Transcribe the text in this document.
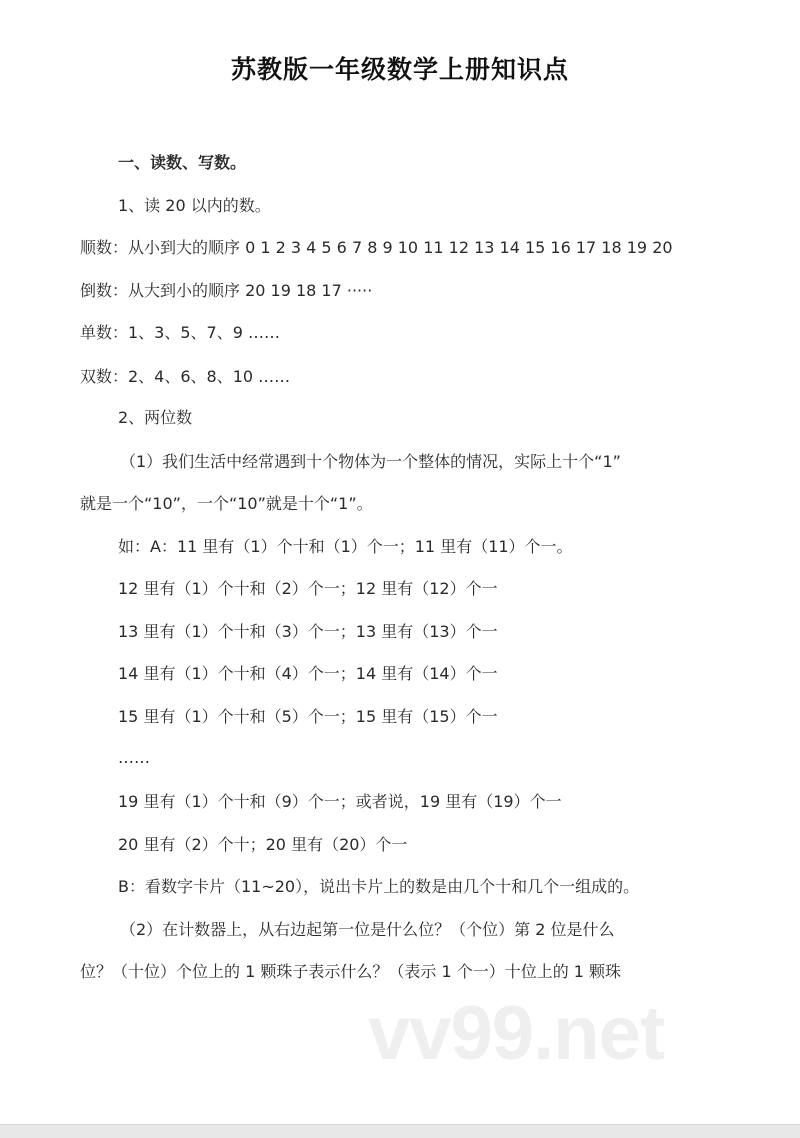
苏教版一年级数学上册知识点
一、读数、写数。
1、读 20 以内的数。
顺数：从小到大的顺序 0 1 2 3 4 5 6 7 8 9 10 11 12 13 14 15 16 17 18 19 20
倒数：从大到小的顺序 20 19 18 17 ·····
单数：1、3、5、7、9 ……
双数：2、4、6、8、10 ……
2、两位数
（1）我们生活中经常遇到十个物体为一个整体的情况，实际上十个“1”
就是一个“10”，一个“10”就是十个“1”。
如：A：11 里有（1）个十和（1）个一；11 里有（11）个一。
12 里有（1）个十和（2）个一；12 里有（12）个一
13 里有（1）个十和（3）个一；13 里有（13）个一
14 里有（1）个十和（4）个一；14 里有（14）个一
15 里有（1）个十和（5）个一；15 里有（15）个一
……
19 里有（1）个十和（9）个一；或者说，19 里有（19）个一
20 里有（2）个十；20 里有（20）个一
B：看数字卡片（11~20），说出卡片上的数是由几个十和几个一组成的。
（2）在计数器上，从右边起第一位是什么位？（个位）第 2 位是什么
位？（十位）个位上的 1 颗珠子表示什么？（表示 1 个一）十位上的 1 颗珠
vv99.net
